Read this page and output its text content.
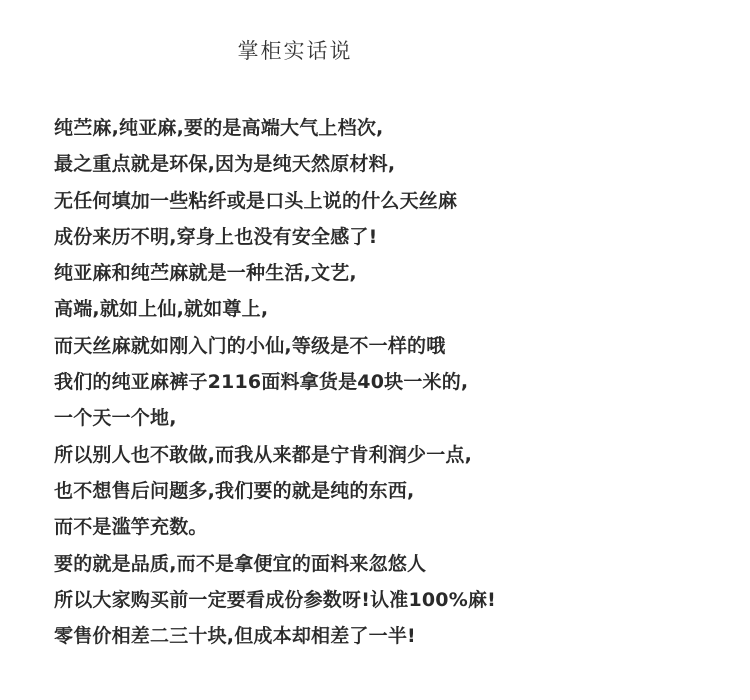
掌柜实话说
纯苎麻,纯亚麻,要的是高端大气上档次,
最之重点就是环保,因为是纯天然原材料,
无任何填加一些粘纤或是口头上说的什么天丝麻
成份来历不明,穿身上也没有安全感了!
纯亚麻和纯苎麻就是一种生活,文艺,
高端,就如上仙,就如尊上,
而天丝麻就如刚入门的小仙,等级是不一样的哦
我们的纯亚麻裤子2116面料拿货是40块一米的,
一个天一个地,
所以别人也不敢做,而我从来都是宁肯利润少一点,
也不想售后问题多,我们要的就是纯的东西,
而不是滥竽充数。
要的就是品质,而不是拿便宜的面料来忽悠人
所以大家购买前一定要看成份参数呀!认准100%麻!
零售价相差二三十块,但成本却相差了一半!
